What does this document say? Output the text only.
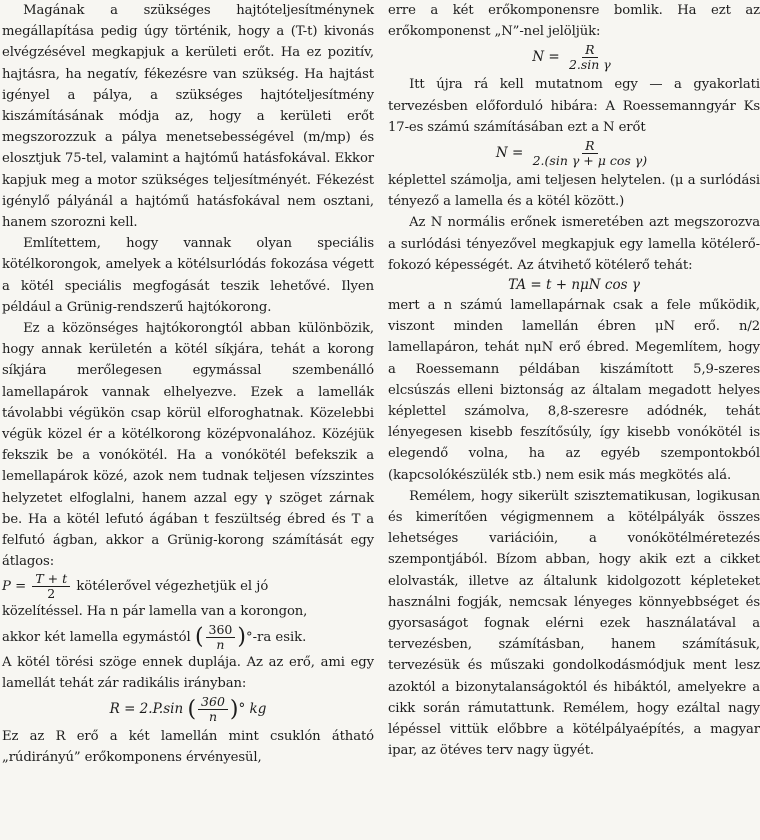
Magának a szükséges hajtóteljesítménynek megállapítása pedig úgy történik, hogy a (T-t) kivonás elvégzésével megkapjuk a kerületi erőt. Ha ez pozitív, hajtásra, ha negatív, fékezésre van szükség. Ha hajtást igényel a pálya, a szükséges hajtóteljesítmény kiszámításának módja az, hogy a kerületi erőt megszorozzuk a pálya menetsebességével (m/mp) és elosztjuk 75-tel, valamint a hajtómű hatásfokával. Ekkor kapjuk meg a motor szükséges teljesítményét. Fékezést igénylő pályánál a hajtómű hatásfokával nem osztani, hanem szorozni kell.

Említettem, hogy vannak olyan speciális kötélkorongok, amelyek a kötélsurlódás fokozása végett a kötél speciális megfogását teszik lehetővé. Ilyen például a Grünig-rendszerű hajtókorong.

Ez a közönséges hajtókorongtól abban különbözik, hogy annak kerületén a kötél síkjára, tehát a korong síkjára merőlegesen egymással szembenálló lamellapárok vannak elhelyezve. Ezek a lamellák távolabbi végükön csap körül elforoghatnak. Közelebbi végük közel ér a kötélkorong középvonalához. Közéjük fekszik be a vonókötél. Ha a vonókötél befekszik a lemellapárok közé, azok nem tudnak teljesen vízszintes helyzetet elfoglalni, hanem azzal egy γ szöget zárnak be. Ha a kötél lefutó ágában t feszültség ébred és T a felfutó ágban, akkor a Grünig-korong számítását egy átlagos:

$P = \frac{T + t}{2}$ kötélerővel végezhetjük el jó

közelítéssel. Ha n pár lamella van a korongon,

akkor két lamella egymástól ( $\frac{360}{n} )^\circ-ra$ esik.

A kötél törési szöge ennek duplája. Az az erő, ami egy lamellát tehát zár radikális irányban:

R = 2.P.sin ( $\frac{360}{n}$ )° kg

Ez az R erő a két lamellán mint csuklón átható „rúdirányú” erőkomponens érvényesül,

erre a két erőkomponensre bomlik. Ha ezt az erőkomponenst „N”-nel jelöljük:

$N = \frac{R}{\text{2.sin γ}}$

Itt újra rá kell mutatnom egy — a gyakorlati tervezésben előforduló hibára: A Roessemanngyár Ks 17-es számú számításában ezt a N erőt

$N = \frac{R}{\text{2.(sin γ + μ cos γ)}}$

képlettel számolja, ami teljesen helytelen. (μ a surlódási tényező a lamella és a kötél között.)

Az N normális erőnek ismeretében azt megszorozva a surlódási tényezővel megkapjuk egy lamella kötélerő-fokozó képességét. Az átvihető kötélerő tehát:

TA = t + nμN cos γ

mert a n számú lamellapárnak csak a fele működik, viszont minden lamellán ébren μN erő. n/2 lamellapáron, tehát nμN erő ébred. Megemlítem, hogy a Roessemann példában kiszámított 5,9-szeres elcsúszás elleni biztonság az általam megadott helyes képlettel számolva, 8,8-szeresre adódnék, tehát lényegesen kisebb feszítősúly, így kisebb vonókötél is elegendő volna, ha az egyéb szempontokból (kapcsolókészülék stb.) nem esik más megkötés alá.

Remélem, hogy sikerült szisztematikusan, logikusan és kimerítően végigmennem a kötélpályák összes lehetséges variációin, a vonókötélméretezés szempontjából. Bízom abban, hogy akik ezt a cikket elolvasták, illetve az általunk kidolgozott képleteket használni fogják, nemcsak lényeges könnyebbséget és gyorsaságot fognak elérni ezek használatával a tervezésben, számításban, hanem számításuk, tervezésük és műszaki gondolkodásmódjuk ment lesz azoktól a bizonytalanságoktól és hibáktól, amelyekre a cikk során rámutattunk. Remélem, hogy ezáltal nagy lépéssel vittük előbbre a kötélpályaépítés, a magyar ipar, az ötéves terv nagy ügyét.
